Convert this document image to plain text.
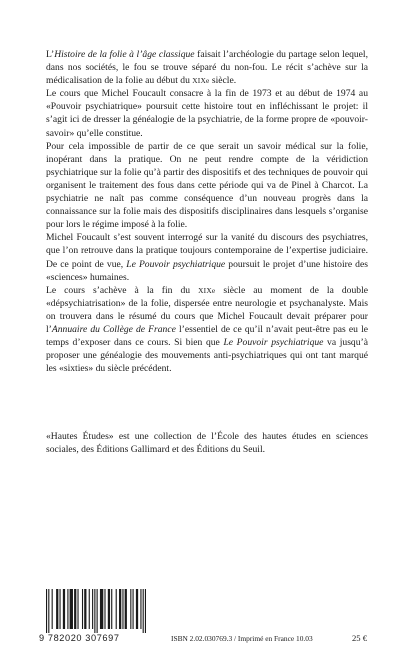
L’Histoire de la folie à l’âge classique faisait l’archéologie du partage selon lequel, dans nos sociétés, le fou se trouve séparé du non-fou. Le récit s’achève sur la médicalisation de la folie au début du XIXe siècle.

Le cours que Michel Foucault consacre à la fin de 1973 et au début de 1974 au «Pouvoir psychiatrique» poursuit cette histoire tout en infléchissant le projet: il s’agit ici de dresser la généalogie de la psychiatrie, de la forme propre de «pouvoir-savoir» qu’elle constitue.

Pour cela impossible de partir de ce que serait un savoir médical sur la folie, inopérant dans la pratique. On ne peut rendre compte de la véridiction psychiatrique sur la folie qu’à partir des dispositifs et des techniques de pouvoir qui organisent le traitement des fous dans cette période qui va de Pinel à Charcot. La psychiatrie ne naît pas comme conséquence d’un nouveau progrès dans la connaissance sur la folie mais des dispositifs disciplinaires dans lesquels s’organise pour lors le régime imposé à la folie.

Michel Foucault s’est souvent interrogé sur la vanité du discours des psychiatres, que l’on retrouve dans la pratique toujours contemporaine de l’expertise judiciaire. De ce point de vue, Le Pouvoir psychiatrique poursuit le projet d’une histoire des «sciences» humaines.

Le cours s’achève à la fin du XIXe siècle au moment de la double «dépsychiatrisation» de la folie, dispersée entre neurologie et psychanalyste. Mais on trouvera dans le résumé du cours que Michel Foucault devait préparer pour l’Annuaire du Collège de France l’essentiel de ce qu’il n’avait peut-être pas eu le temps d’exposer dans ce cours. Si bien que Le Pouvoir psychiatrique va jusqu’à proposer une généalogie des mouvements anti-psychiatriques qui ont tant marqué les «sixties» du siècle précédent.

«Hautes Études» est une collection de l’École des hautes études en sciences sociales, des Éditions Gallimard et des Éditions du Seuil.

9 782020 307697	ISBN 2.02.030769.3 / Imprimé en France 10.03	25 €
